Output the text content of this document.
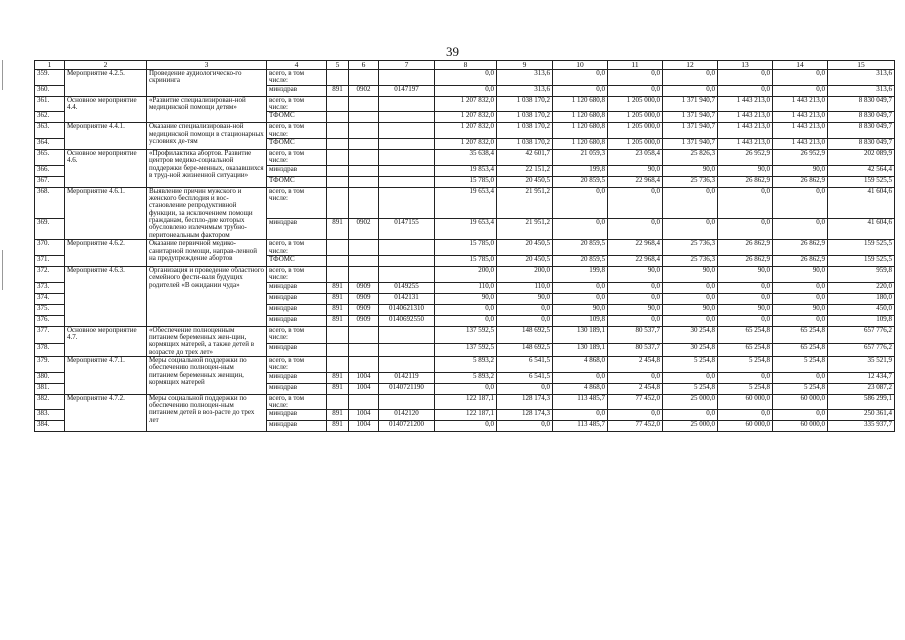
39
1	2	3	4	5	6	7	8	9	10	11	12	13	14	15
359.	Мероприятие 4.2.5.	Проведение аудиологическо-го скрининга	всего, в том числе:				0,0	313,6	0,0	0,0	0,0	0,0	0,0	313,6
360.			минздрав	891	0902	0147197	0,0	313,6	0,0	0,0	0,0	0,0	0,0	313,6
361.	Основное мероприятие 4.4.	«Развитие специализирован-ной медицинской помощи детям»	всего, в том числе:				1 207 832,0	1 038 170,2	1 120 680,8	1 205 000,0	1 371 940,7	1 443 213,0	1 443 213,0	8 830 049,7
362.			ТФОМС				1 207 832,0	1 038 170,2	1 120 680,8	1 205 000,0	1 371 940,7	1 443 213,0	1 443 213,0	8 830 049,7
363.	Мероприятие 4.4.1.	Оказание специализирован-ной медицинской помощи в стационарных условиях де-тям	всего, в том числе:				1 207 832,0	1 038 170,2	1 120 680,8	1 205 000,0	1 371 940,7	1 443 213,0	1 443 213,0	8 830 049,7
364.			ТФОМС				1 207 832,0	1 038 170,2	1 120 680,8	1 205 000,0	1 371 940,7	1 443 213,0	1 443 213,0	8 830 049,7
365.	Основное мероприятие 4.6.	«Профилактика абортов. Развитие центров медико-социальной поддержки бере-менных, оказавшихся в труд-ной жизненной ситуации»	всего, в том числе:				35 638,4	42 601,7	21 059,3	23 058,4	25 826,3	26 952,9	26 952,9	202 089,9
366.			минздрав				19 853,4	22 151,2	199,8	90,0	90,0	90,0	90,0	42 564,4
367.			ТФОМС				15 785,0	20 450,5	20 859,5	22 968,4	25 736,3	26 862,9	26 862,9	159 525,5
368.	Мероприятие 4.6.1.	Выявление причин мужского и женского бесплодия и вос-становление репродуктивной функции, за исключением помощи гражданам, бесплo-дие которых обусловлено излечимым трубно-перитонеальным фактором	всего, в том числе:				19 653,4	21 951,2	0,0	0,0	0,0	0,0	0,0	41 604,6
369.			минздрав	891	0902	0147155	19 653,4	21 951,2	0,0	0,0	0,0	0,0	0,0	41 604,6
370.	Мероприятие 4.6.2.	Оказание первичной медико-санитарной помощи, направ-ленной на предупреждение абортов	всего, в том числе:				15 785,0	20 450,5	20 859,5	22 968,4	25 736,3	26 862,9	26 862,9	159 525,5
371.			ТФОМС				15 785,0	20 450,5	20 859,5	22 968,4	25 736,3	26 862,9	26 862,9	159 525,5
372.	Мероприятие 4.6.3.	Организация и проведение областного семейного фести-валя будущих родителей «В ожидании чуда»	всего, в том числе:				200,0	200,0	199,8	90,0	90,0	90,0	90,0	959,8
373.			минздрав	891	0909	0149255	110,0	110,0	0,0	0,0	0,0	0,0	0,0	220,0
374.			минздрав	891	0909	0142131	90,0	90,0	0,0	0,0	0,0	0,0	0,0	180,0
375.			минздрав	891	0909	0140621310	0,0	0,0	90,0	90,0	90,0	90,0	90,0	450,0
376.			минздрав	891	0909	0140692550	0,0	0,0	109,8	0,0	0,0	0,0	0,0	109,8
377.	Основное мероприятие 4.7.	«Обеспечение полноценным питанием беременных жен-щин, кормящих матерей, а также детей в возрасте до трех лет»	всего, в том числе:				137 592,5	148 692,5	130 189,1	80 537,7	30 254,8	65 254,8	65 254,8	657 776,2
378.			минздрав				137 592,5	148 692,5	130 189,1	80 537,7	30 254,8	65 254,8	65 254,8	657 776,2
379.	Мероприятие 4.7.1.	Меры социальной поддержки по обеспечению полноцен-ным питанием беременных женщин, кормящих матерей	всего, в том числе:				5 893,2	6 541,5	4 868,0	2 454,8	5 254,8	5 254,8	5 254,8	35 521,9
380.			минздрав	891	1004	0142119	5 893,2	6 541,5	0,0	0,0	0,0	0,0	0,0	12 434,7
381.			минздрав	891	1004	0140721190	0,0	0,0	4 868,0	2 454,8	5 254,8	5 254,8	5 254,8	23 087,2
382.	Мероприятие 4.7.2.	Меры социальной поддержки по обеспечению полноцен-ным питанием детей в воз-расте до трех лет	всего, в том числе:				122 187,1	128 174,3	113 485,7	77 452,0	25 000,0	60 000,0	60 000,0	586 299,1
383.			минздрав	891	1004	0142120	122 187,1	128 174,3	0,0	0,0	0,0	0,0	0,0	250 361,4
384.			минздрав	891	1004	0140721200	0,0	0,0	113 485,7	77 452,0	25 000,0	60 000,0	60 000,0	335 937,7
